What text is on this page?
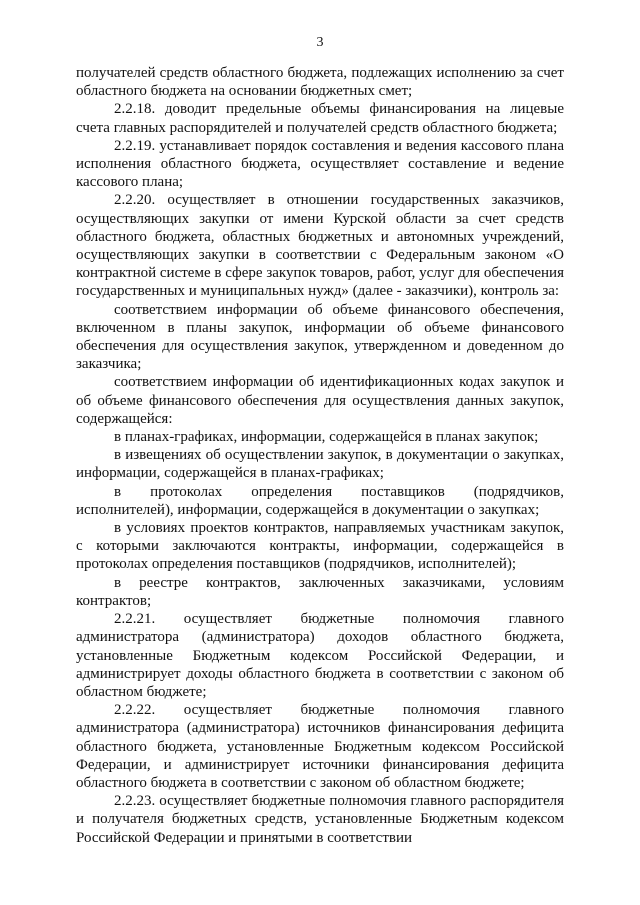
3

получателей средств областного бюджета, подлежащих исполнению за счет областного бюджета на основании бюджетных смет;

2.2.18. доводит предельные объемы финансирования на лицевые счета главных распорядителей и получателей средств областного бюджета;

2.2.19. устанавливает порядок составления и ведения кассового плана исполнения областного бюджета, осуществляет составление и ведение кассового плана;

2.2.20. осуществляет в отношении государственных заказчиков, осуществляющих закупки от имени Курской области за счет средств областного бюджета, областных бюджетных и автономных учреждений, осуществляющих закупки в соответствии с Федеральным законом «О контрактной системе в сфере закупок товаров, работ, услуг для обеспечения государственных и муниципальных нужд» (далее - заказчики), контроль за:

соответствием информации об объеме финансового обеспечения, включенном в планы закупок, информации об объеме финансового обеспечения для осуществления закупок, утвержденном и доведенном до заказчика;

соответствием информации об идентификационных кодах закупок и об объеме финансового обеспечения для осуществления данных закупок, содержащейся:

в планах-графиках, информации, содержащейся в планах закупок;

в извещениях об осуществлении закупок, в документации о закупках, информации, содержащейся в планах-графиках;

в протоколах определения поставщиков (подрядчиков, исполнителей), информации, содержащейся в документации о закупках;

в условиях проектов контрактов, направляемых участникам закупок, с которыми заключаются контракты, информации, содержащейся в протоколах определения поставщиков (подрядчиков, исполнителей);

в реестре контрактов, заключенных заказчиками, условиям контрактов;

2.2.21. осуществляет бюджетные полномочия главного администратора (администратора) доходов областного бюджета, установленные Бюджетным кодексом Российской Федерации, и администрирует доходы областного бюджета в соответствии с законом об областном бюджете;

2.2.22. осуществляет бюджетные полномочия главного администратора (администратора) источников финансирования дефицита областного бюджета, установленные Бюджетным кодексом Российской Федерации, и администрирует источники финансирования дефицита областного бюджета в соответствии с законом об областном бюджете;

2.2.23. осуществляет бюджетные полномочия главного распорядителя и получателя бюджетных средств, установленные Бюджетным кодексом Российской Федерации и принятыми в соответствии
